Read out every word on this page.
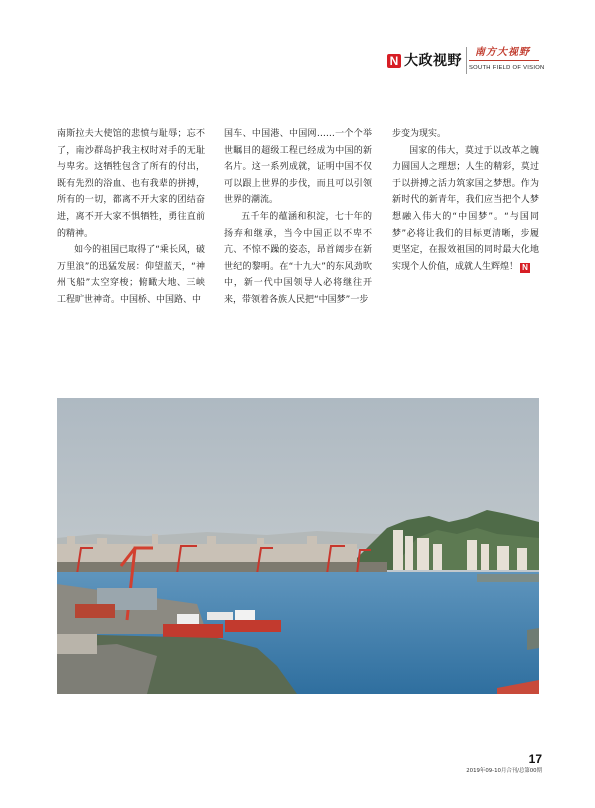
N 大政视野
南方大视野
SOUTH FIELD OF VISION

南斯拉夫大使馆的悲愤与耻辱；忘不了，南沙群岛护我主权时对手的无耻与卑劣。这牺牲包含了所有的付出，既有先烈的浴血、也有我辈的拼搏，所有的一切，都离不开大家的团结奋进，离不开大家不惧牺牲，勇往直前的精神。

如今的祖国已取得了“乘长风，破万里浪”的迅猛发展：仰望蓝天，“神州飞船”太空穿梭；俯瞰大地、三峡工程旷世神奇。中国桥、中国路、中

国车、中国港、中国网……一个个举世瞩目的超级工程已经成为中国的新名片。这一系列成就，证明中国不仅可以跟上世界的步伐，而且可以引领世界的潮流。

五千年的蕴涵和积淀，七十年的扬弃和继承，当今中国正以不卑不亢、不惊不躁的姿态，昂首阔步在新世纪的黎明。在“十九大”的东风劲吹中，新一代中国领导人必将继往开来，带领着各族人民把“中国梦”一步

步变为现实。

国家的伟大，莫过于以改革之魄力圆国人之理想；人生的精彩，莫过于以拼搏之活力筑家国之梦想。作为新时代的新青年，我们应当把个人梦想融入伟大的“中国梦”。“与国同梦”必将让我们的目标更清晰，步履更坚定，在报效祖国的同时最大化地实现个人价值，成就人生辉煌！ N

17
2019年09-10月合刊/总第00期
